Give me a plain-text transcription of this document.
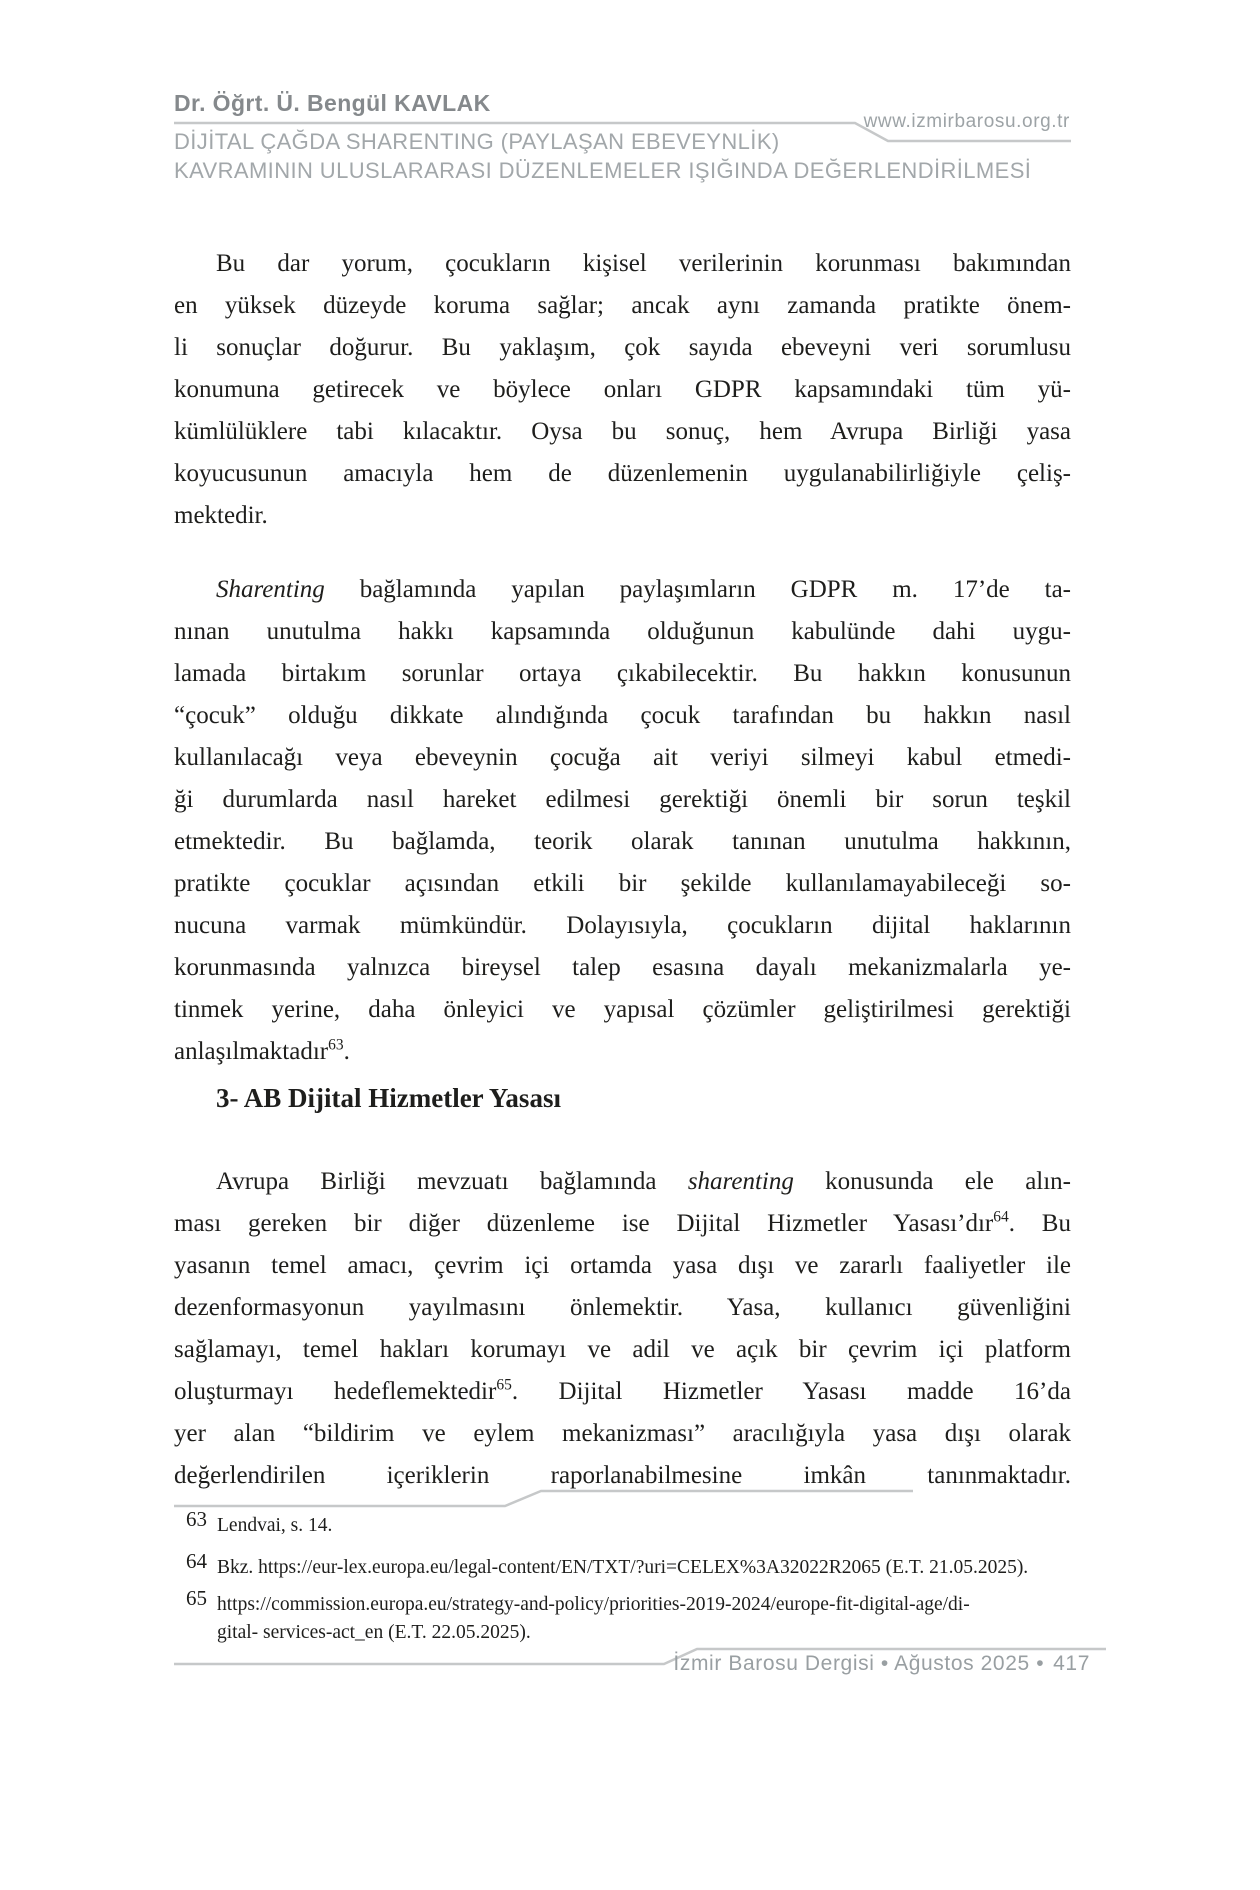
Dr. Öğrt. Ü. Bengül KAVLAK
www.izmirbarosu.org.tr
DİJİTAL ÇAĞDA SHARENTING (PAYLAŞAN EBEVEYNLİK)
KAVRAMININ ULUSLARARASI DÜZENLEMELER IŞIĞINDA DEĞERLENDİRİLMESİ
Bu dar yorum, çocukların kişisel verilerinin korunması bakımından
en yüksek düzeyde koruma sağlar; ancak aynı zamanda pratikte önem-
li sonuçlar doğurur. Bu yaklaşım, çok sayıda ebeveyni veri sorumlusu
konumuna getirecek ve böylece onları GDPR kapsamındaki tüm yü-
kümlülüklere tabi kılacaktır. Oysa bu sonuç, hem Avrupa Birliği yasa
koyucusunun amacıyla hem de düzenlemenin uygulanabilirliğiyle çeliş-
mektedir.
Sharenting bağlamında yapılan paylaşımların GDPR m. 17’de ta-
nınan unutulma hakkı kapsamında olduğunun kabulünde dahi uygu-
lamada birtakım sorunlar ortaya çıkabilecektir. Bu hakkın konusunun
“çocuk” olduğu dikkate alındığında çocuk tarafından bu hakkın nasıl
kullanılacağı veya ebeveynin çocuğa ait veriyi silmeyi kabul etmedi-
ği durumlarda nasıl hareket edilmesi gerektiği önemli bir sorun teşkil
etmektedir. Bu bağlamda, teorik olarak tanınan unutulma hakkının,
pratikte çocuklar açısından etkili bir şekilde kullanılamayabileceği so-
nucuna varmak mümkündür. Dolayısıyla, çocukların dijital haklarının
korunmasında yalnızca bireysel talep esasına dayalı mekanizmalarla ye-
tinmek yerine, daha önleyici ve yapısal çözümler geliştirilmesi gerektiği
anlaşılmaktadır$^{63}$.
3- AB Dijital Hizmetler Yasası
Avrupa Birliği mevzuatı bağlamında sharenting konusunda ele alın-
ması gereken bir diğer düzenleme ise Dijital Hizmetler Yasası’dır$^{64}$. Bu
yasanın temel amacı, çevrim içi ortamda yasa dışı ve zararlı faaliyetler ile
dezenformasyonun yayılmasını önlemektir. Yasa, kullanıcı güvenliğini
sağlamayı, temel hakları korumayı ve adil ve açık bir çevrim içi platform
oluşturmayı hedeflemektedir$^{65}$. Dijital Hizmetler Yasası madde 16’da
yer alan “bildirim ve eylem mekanizması” aracılığıyla yasa dışı olarak
değerlendirilen içeriklerin raporlanabilmesine imkân tanınmaktadır.
63 Lendvai, s. 14.
64 Bkz. https://eur-lex.europa.eu/legal-content/EN/TXT/?uri=CELEX%3A32022R2065 (E.T. 21.05.2025).
65 https://commission.europa.eu/strategy-and-policy/priorities-2019-2024/europe-fit-digital-age/di-
gital- services-act_en (E.T. 22.05.2025).
İzmir Barosu Dergisi • Ağustos 2025 • 417
